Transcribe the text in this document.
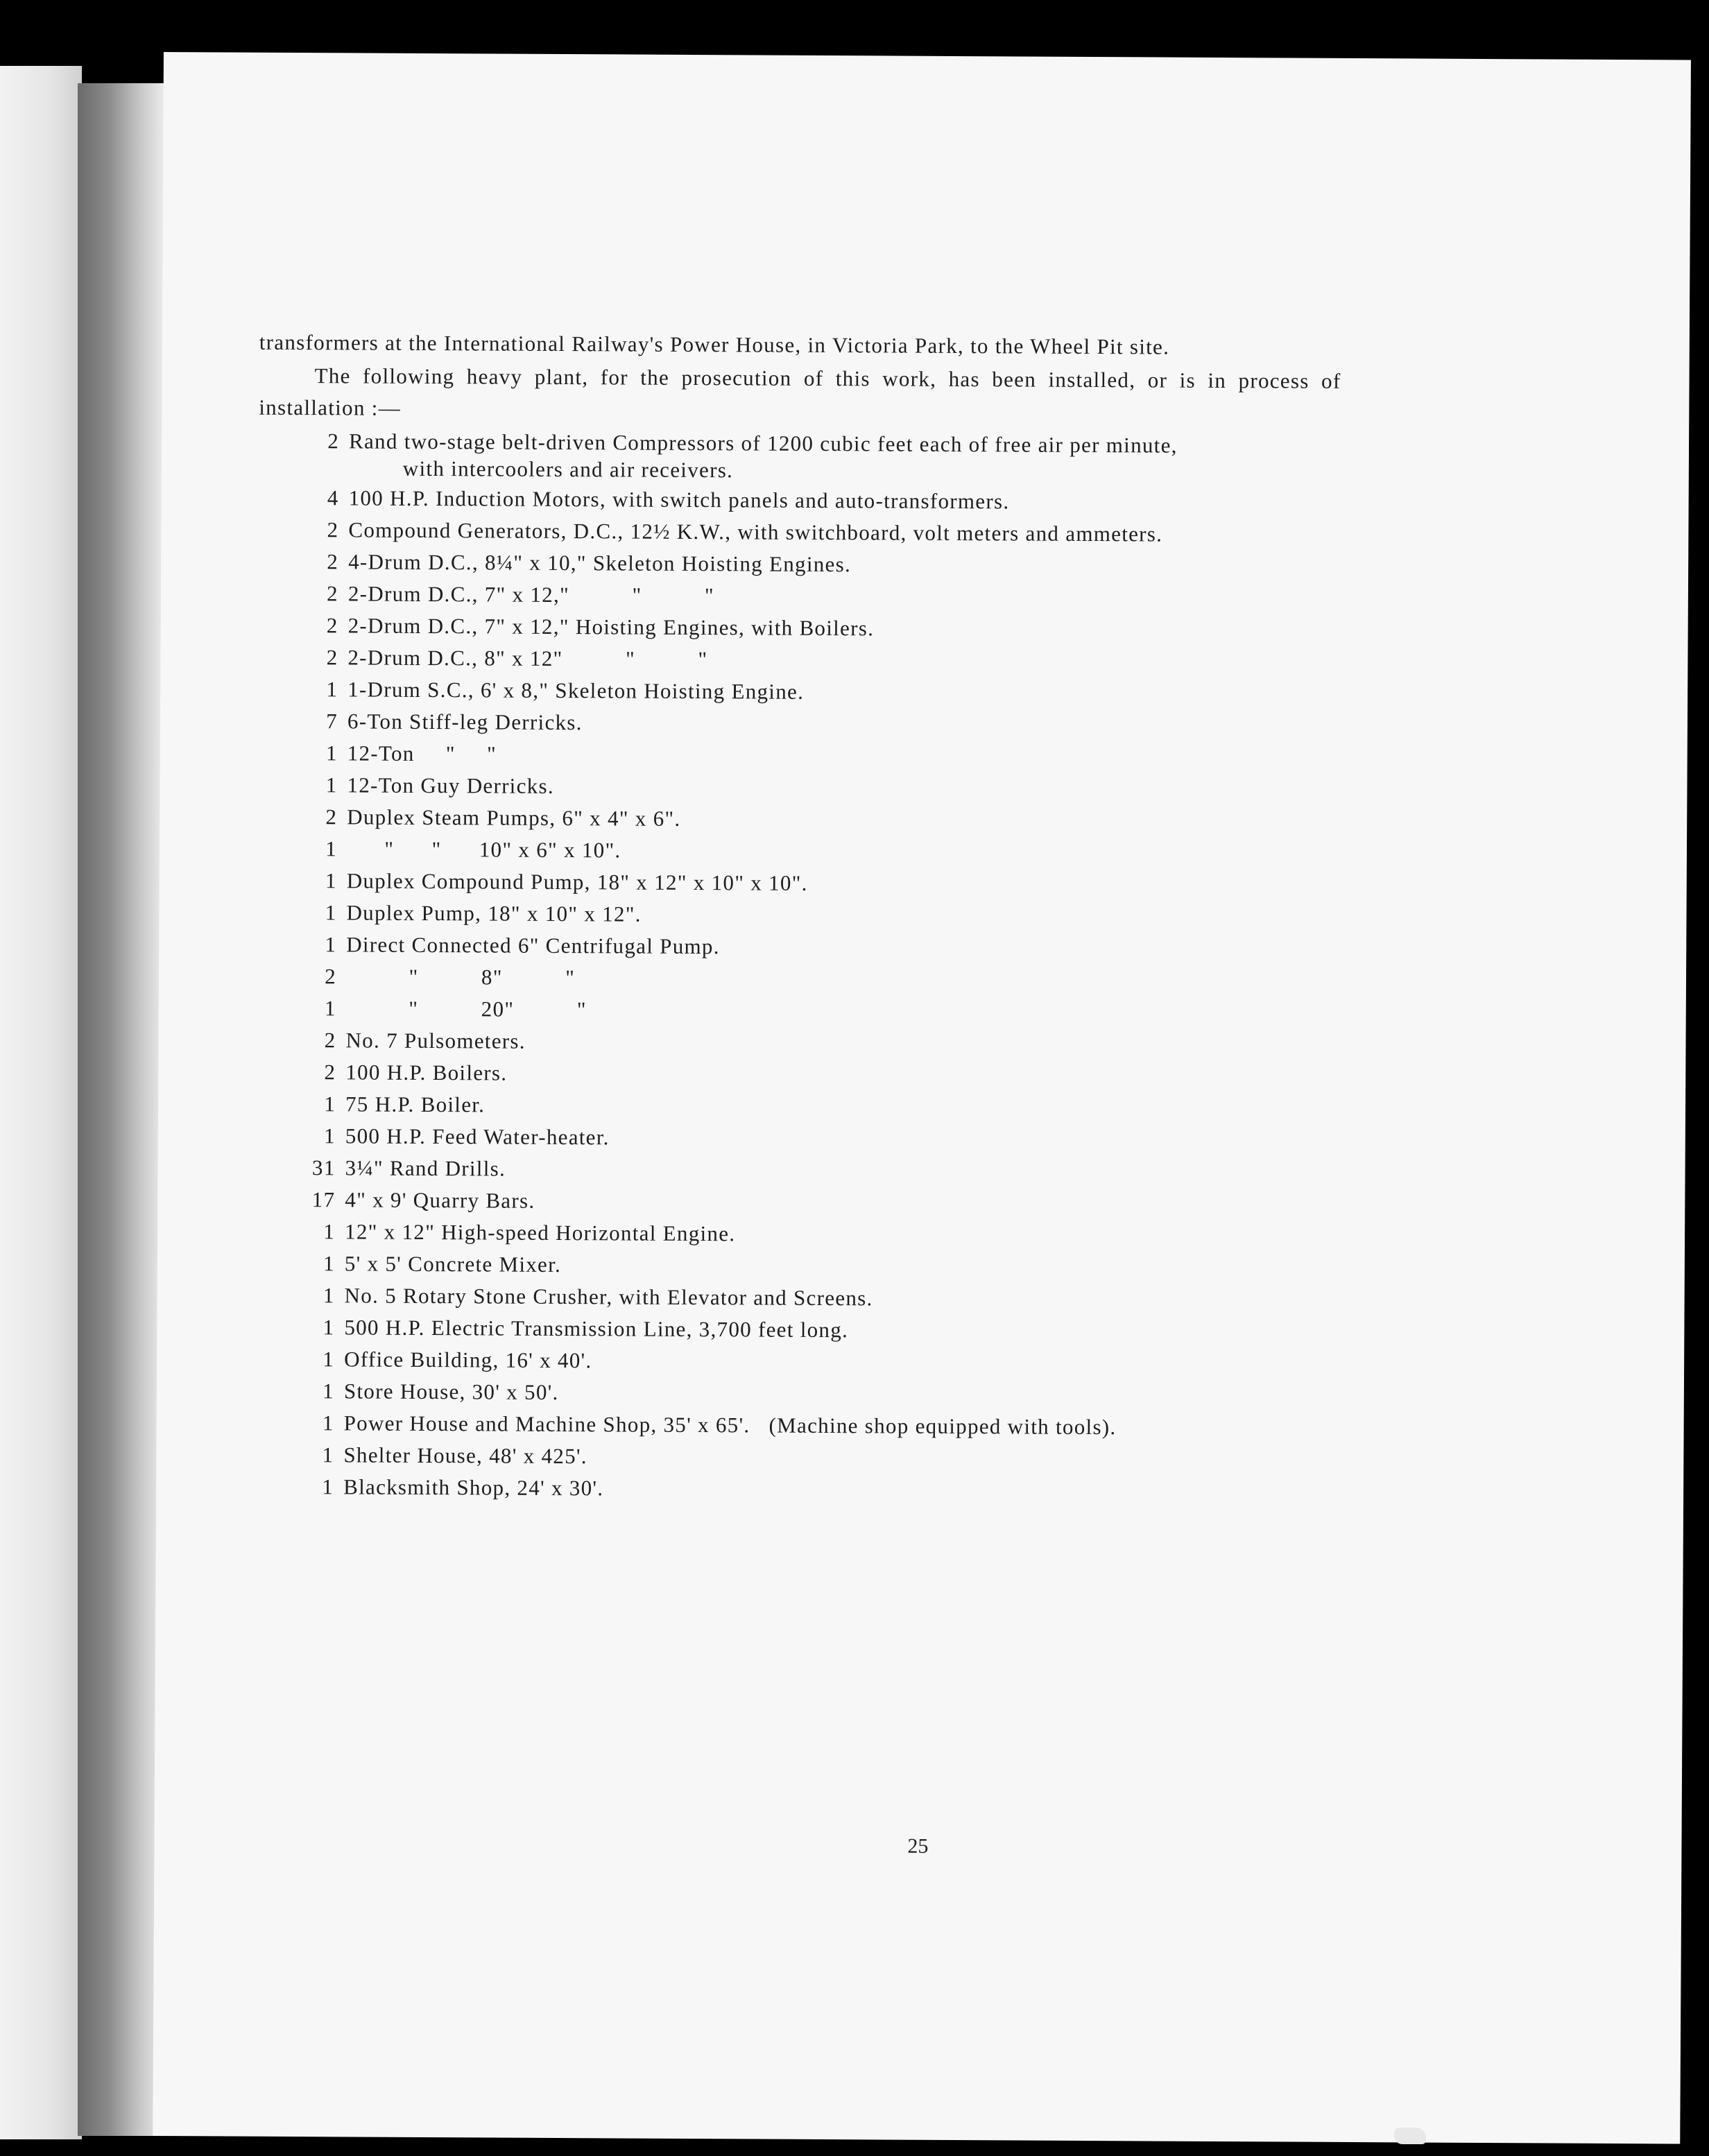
transformers at the International Railway's Power House, in Victoria Park, to the Wheel Pit site.

The following heavy plant, for the prosecution of this work, has been installed, or is in process of installation :—

2 Rand two-stage belt-driven Compressors of 1200 cubic feet each of free air per minute,
with intercoolers and air receivers.
4 100 H.P. Induction Motors, with switch panels and auto-transformers.
2 Compound Generators, D.C., 12½ K.W., with switchboard, volt meters and ammeters.
2 4-Drum D.C., 8¼" x 10," Skeleton Hoisting Engines.
2 2-Drum D.C., 7" x 12,"          "          "
2 2-Drum D.C., 7" x 12," Hoisting Engines, with Boilers.
2 2-Drum D.C., 8" x 12"          "          "
1 1-Drum S.C., 6' x 8," Skeleton Hoisting Engine.
7 6-Ton Stiff-leg Derricks.
1 12-Ton     "     "
1 12-Ton Guy Derricks.
2 Duplex Steam Pumps, 6" x 4" x 6".
1 "      "      10" x 6" x 10".
1 Duplex Compound Pump, 18" x 12" x 10" x 10".
1 Duplex Pump, 18" x 10" x 12".
1 Direct Connected 6" Centrifugal Pump.
2 "          8"          "
1 "          20"          "
2 No. 7 Pulsometers.
2 100 H.P. Boilers.
1 75 H.P. Boiler.
1 500 H.P. Feed Water-heater.
31 3¼" Rand Drills.
17 4" x 9' Quarry Bars.
1 12" x 12" High-speed Horizontal Engine.
1 5' x 5' Concrete Mixer.
1 No. 5 Rotary Stone Crusher, with Elevator and Screens.
1 500 H.P. Electric Transmission Line, 3,700 feet long.
1 Office Building, 16' x 40'.
1 Store House, 30' x 50'.
1 Power House and Machine Shop, 35' x 65'.   (Machine shop equipped with tools).
1 Shelter House, 48' x 425'.
1 Blacksmith Shop, 24' x 30'.
25
